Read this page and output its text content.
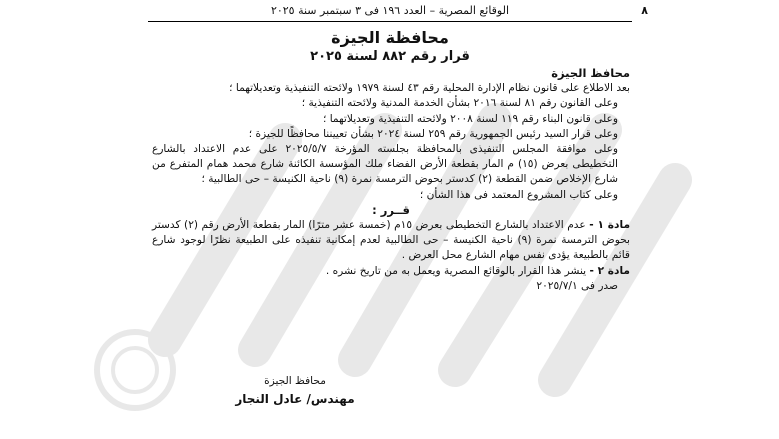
٨
الوقائع المصرية – العدد ١٩٦ فى ٣ سبتمبر سنة ٢٠٢٥
محافظة الجيزة
قرار رقم ٨٨٢ لسنة ٢٠٢٥

محافظ الجيزة

بعد الاطلاع على قانون نظام الإدارة المحلية رقم ٤٣ لسنة ١٩٧٩ ولائحته التنفيذية وتعديلاتهما ؛

وعلى القانون رقم ٨١ لسنة ٢٠١٦ بشأن الخدمة المدنية ولائحته التنفيذية ؛

وعلى قانون البناء رقم ١١٩ لسنة ٢٠٠٨ ولائحته التنفيذية وتعديلاتهما ؛

وعلى قرار السيد رئيس الجمهورية رقم ٢٥٩ لسنة ٢٠٢٤ بشأن تعييننا محافظًا للجيزة ؛

وعلى موافقة المجلس التنفيذى بالمحافظة بجلسته المؤرخة ٢٠٢٥/٥/٧ على عدم الاعتداد بالشارع التخطيطى بعرض (١٥) م المار بقطعة الأرض الفضاء ملك المؤسسة الكائنة شارع محمد همام المتفرع من شارع الإخلاص ضمن القطعة (٢) كدستر بحوض الترمسة نمرة (٩) ناحية الكنيسة – حى الطالبية ؛

وعلى كتاب المشروع المعتمد فى هذا الشأن ؛

قــرر :

مادة ١ - عدم الاعتداد بالشارع التخطيطى بعرض ١٥م (خمسة عشر مترًا) المار بقطعة الأرض رقم (٢) كدستر بحوض الترمسة نمرة (٩) ناحية الكنيسة – حى الطالبية لعدم إمكانية تنفيذه على الطبيعة نظرًا لوجود شارع قائم بالطبيعة يؤدى نفس مهام الشارع محل العرض .

مادة ٢ - ينشر هذا القرار بالوقائع المصرية ويعمل به من تاريخ نشره .

صدر فى ٢٠٢٥/٧/١

محافظ الجيزة
مهندس/ عادل النجار
